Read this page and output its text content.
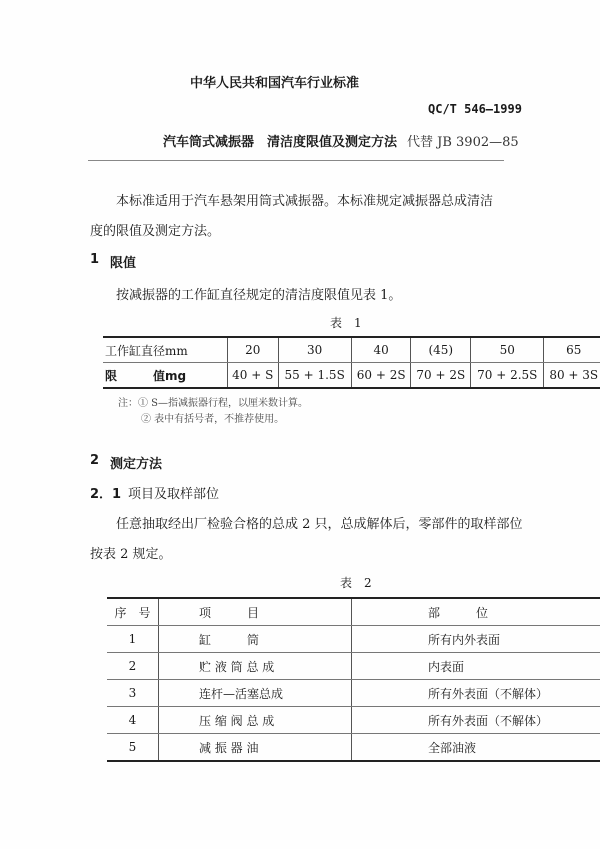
中华人民共和国汽车行业标准
QC/T 546—1999
汽车筒式减振器　清洁度限值及测定方法 代替 JB 3902—85
本标准适用于汽车悬架用筒式减振器。本标准规定减振器总成清洁
度的限值及测定方法。
1 限值
按减振器的工作缸直径规定的清洁度限值见表 1。
表　1
工作缸直径mm	20	30	40	(45)	50	65
限　　　值mg	40 + S	55 + 1.5S	60 + 2S	70 + 2S	70 + 2.5S	80 + 3S
注：① S—指减振器行程，以厘米数计算。
② 表中有括号者，不推荐使用。
2 测定方法
2．1 项目及取样部位
任意抽取经出厂检验合格的总成 2 只，总成解体后，零部件的取样部位
按表 2 规定。
表　2
序　号	项　　　目	部　　　位
1	缸　　　筒	所有内外表面
2	贮 液 筒 总 成	内表面
3	连杆—活塞总成	所有外表面（不解体）
4	压 缩 阀 总 成	所有外表面（不解体）
5	减 振 器 油	全部油液
